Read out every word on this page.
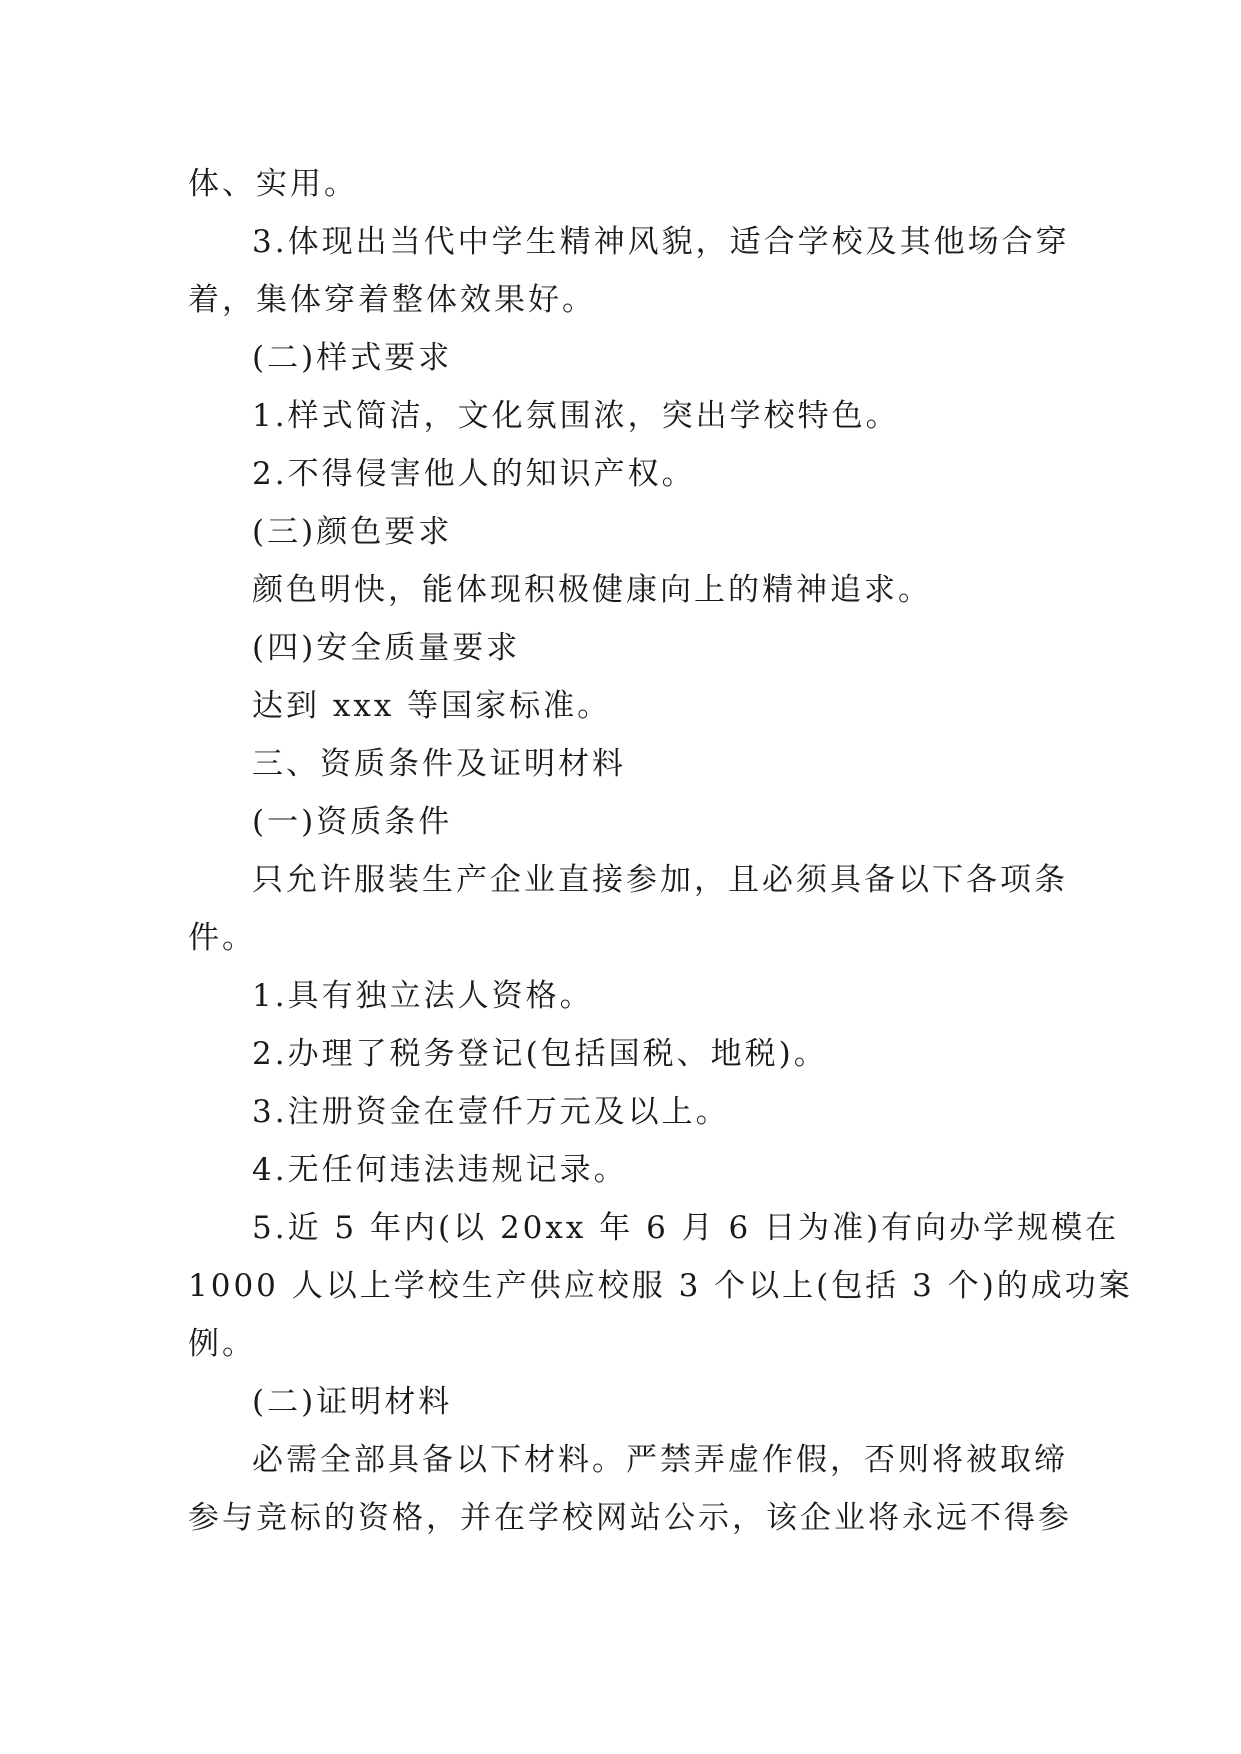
体、实用。

3.体现出当代中学生精神风貌，适合学校及其他场合穿

着，集体穿着整体效果好。

(二)样式要求

1.样式简洁，文化氛围浓，突出学校特色。

2.不得侵害他人的知识产权。

(三)颜色要求

颜色明快，能体现积极健康向上的精神追求。

(四)安全质量要求

达到 xxx 等国家标准。

三、资质条件及证明材料

(一)资质条件

只允许服装生产企业直接参加，且必须具备以下各项条

件。

1.具有独立法人资格。

2.办理了税务登记(包括国税、地税)。

3.注册资金在壹仟万元及以上。

4.无任何违法违规记录。

5.近 5 年内(以 20xx 年 6 月 6 日为准)有向办学规模在

1000 人以上学校生产供应校服 3 个以上(包括 3 个)的成功案

例。

(二)证明材料

必需全部具备以下材料。严禁弄虚作假，否则将被取缔

参与竞标的资格，并在学校网站公示，该企业将永远不得参
